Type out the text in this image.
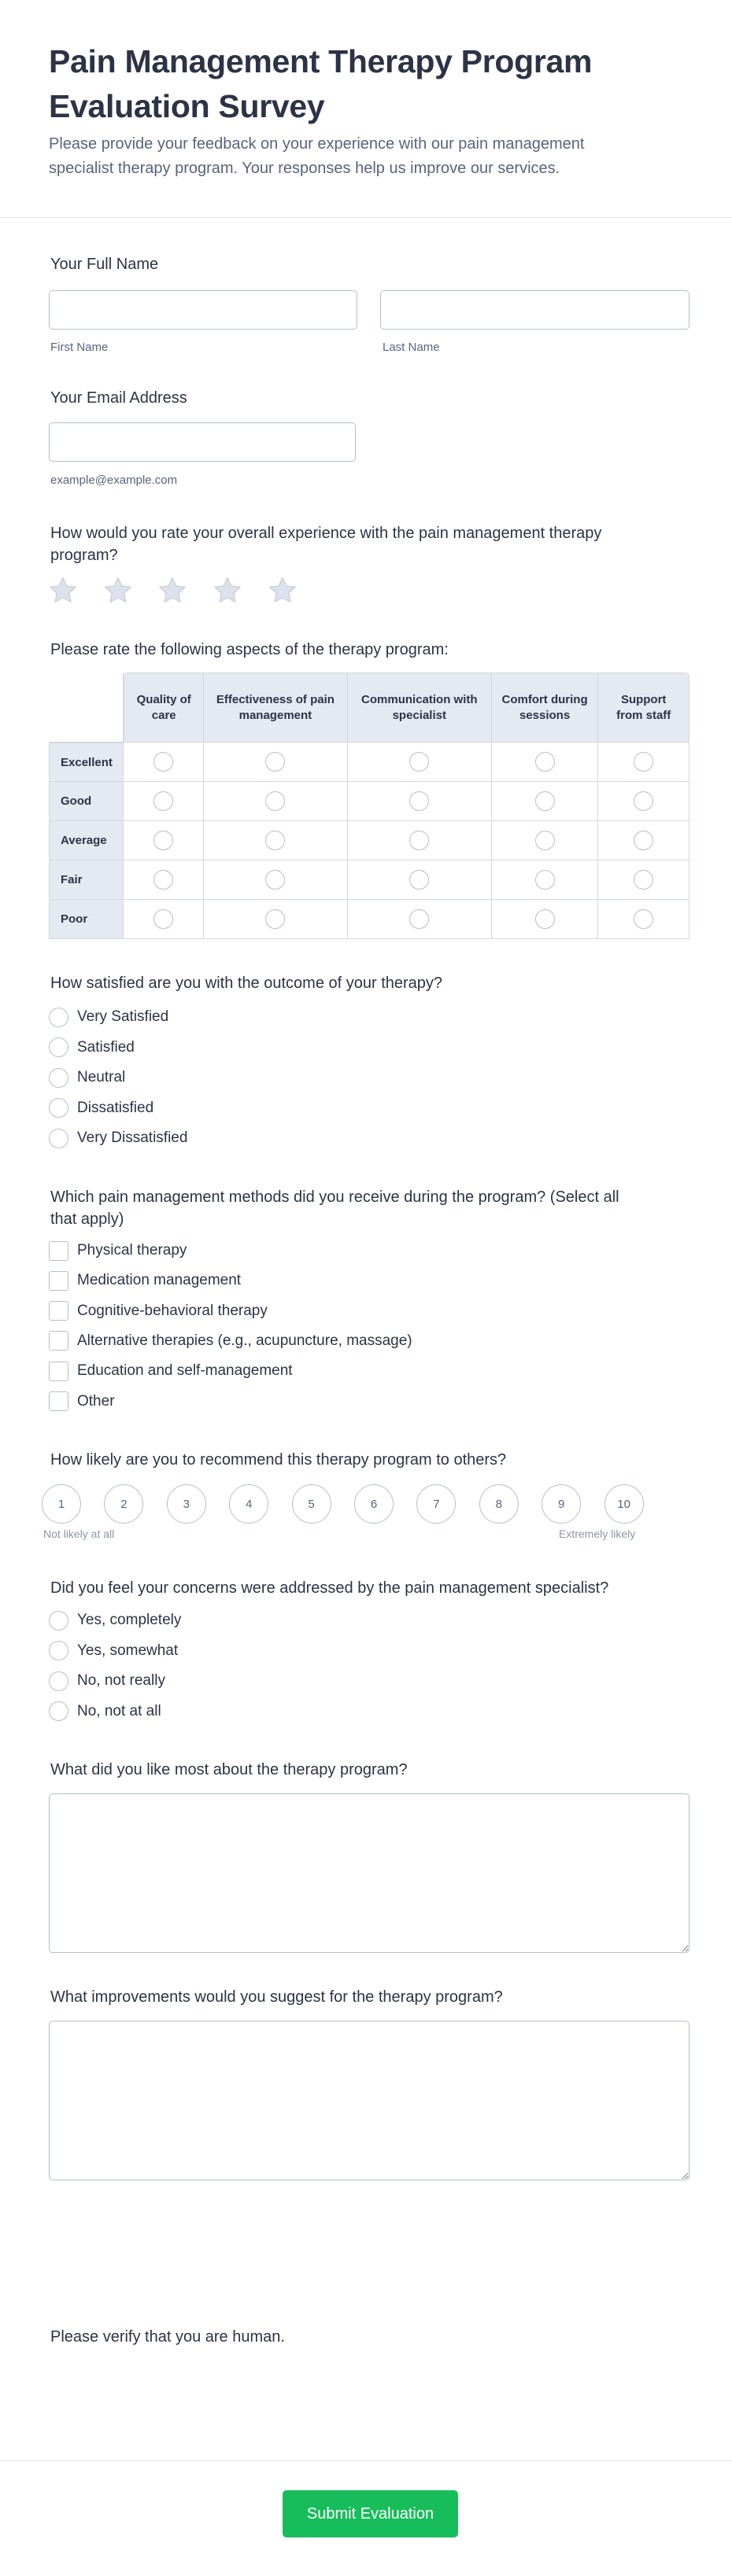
Pain Management Therapy Program
Evaluation Survey

Please provide your feedback on your experience with our pain management specialist therapy program. Your responses help us improve our services.

Your Full Name
First Name	Last Name
Your Email Address
example@example.com
How would you rate your overall experience with the pain management therapy program?
Please rate the following aspects of the therapy program:
	Quality of care	Effectiveness of pain management	Communication with specialist	Comfort during sessions	Support from staff
Excellent					
Good					
Average					
Fair					
Poor					
How satisfied are you with the outcome of your therapy?
Very Satisfied
Satisfied
Neutral
Dissatisfied
Very Dissatisfied
Which pain management methods did you receive during the program? (Select all
that apply)
Physical therapy
Medication management
Cognitive-behavioral therapy
Alternative therapies (e.g., acupuncture, massage)
Education and self-management
Other
How likely are you to recommend this therapy program to others?
1	2	3	4	5	6	7	8	9	10
Not likely at all	Extremely likely
Did you feel your concerns were addressed by the pain management specialist?
Yes, completely
Yes, somewhat
No, not really
No, not at all
What did you like most about the therapy program?
What improvements would you suggest for the therapy program?
Please verify that you are human.
Submit Evaluation
